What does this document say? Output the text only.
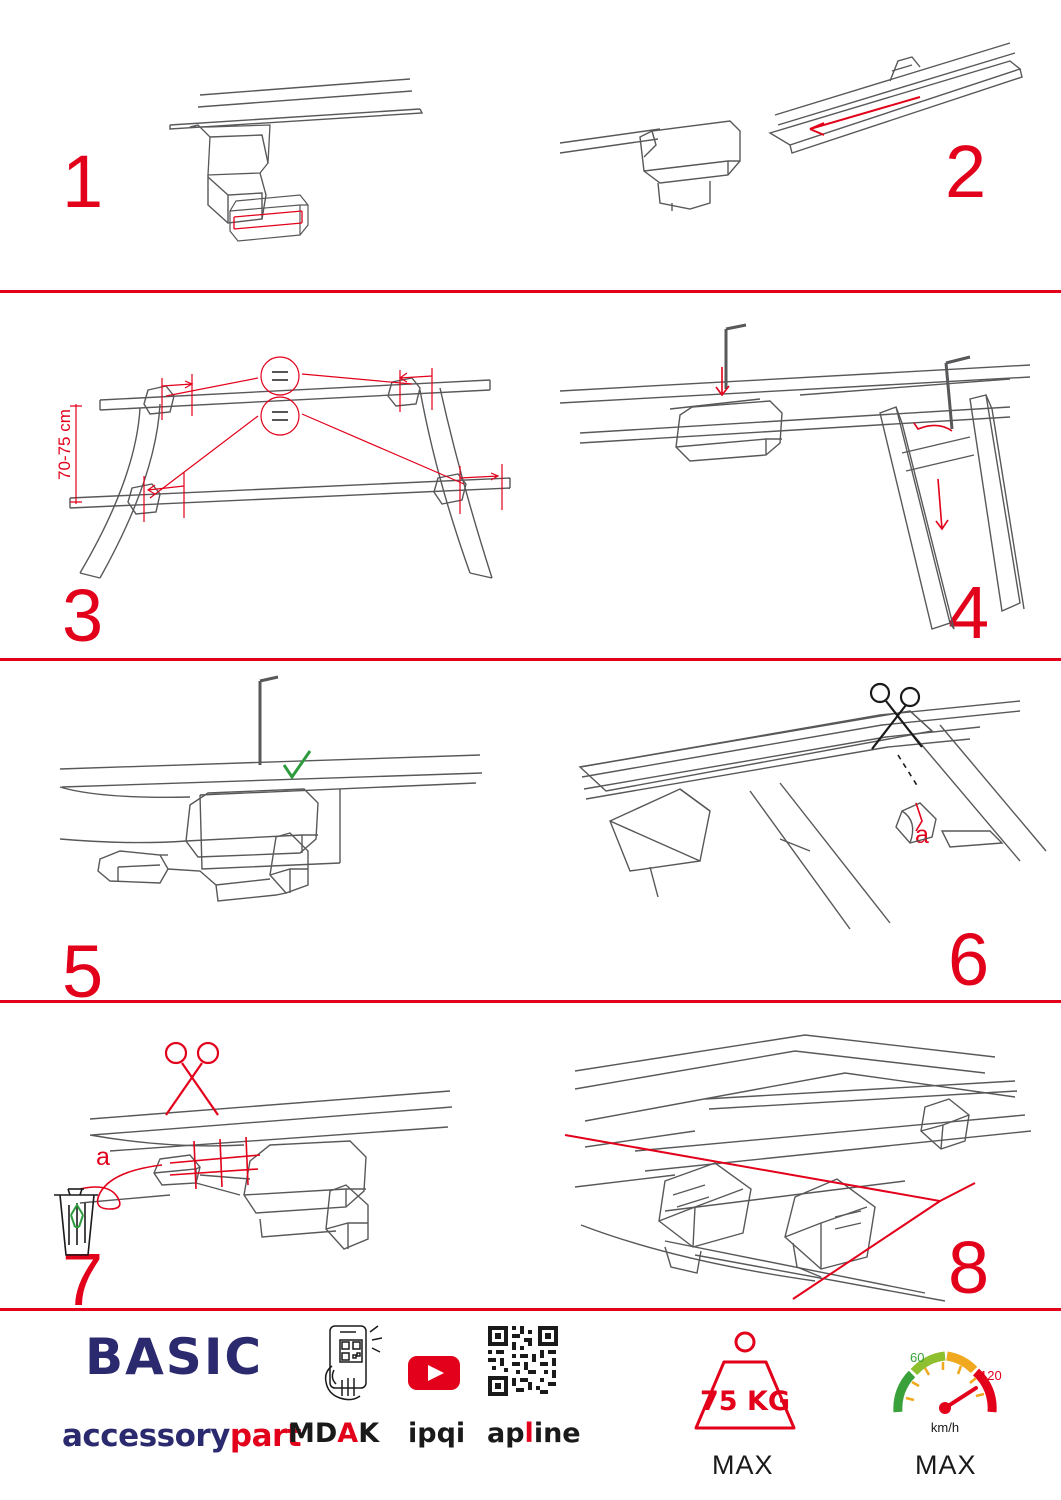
1	2
3
70-75 cm
4
5	6
a
7
a
8
BASIC
accessorypart
MDAK ipqi apline
75 KG
MAX
60
120
km/h
MAX
